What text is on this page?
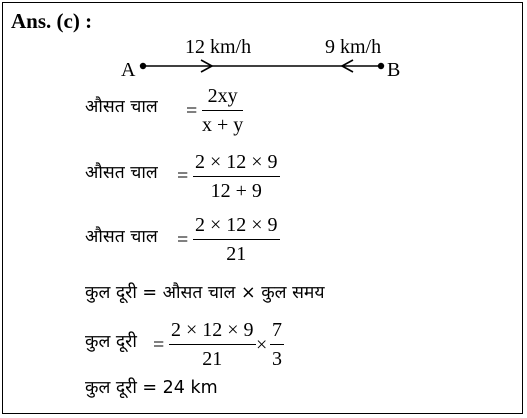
Ans. (c) :
A	B
12 km/h	9 km/h
औसत चाल = $\frac{2xy}{x + y}$
औसत चाल = $\frac{2 \times 12 \times 9}{12 + 9}$
औसत चाल = $\frac{2 \times 12 \times 9}{21}$
कुल दूरी = औसत चाल × कुल समय
कुल दूरी = $\frac{2 \times 12 \times 9}{21} \times \frac{7}{3}$
कुल दूरी = 24 km
